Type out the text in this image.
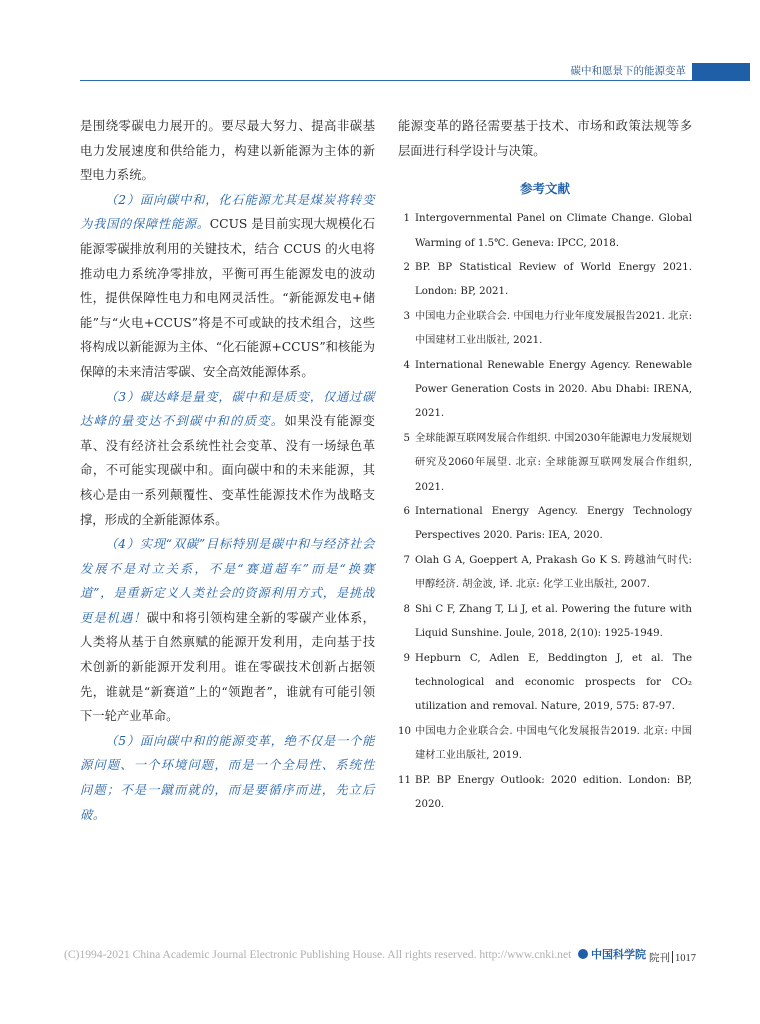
碳中和愿景下的能源变革

是围绕零碳电力展开的。要尽最大努力、提高非碳基电力发展速度和供给能力，构建以新能源为主体的新型电力系统。

（2）面向碳中和，化石能源尤其是煤炭将转变为我国的保障性能源。CCUS 是目前实现大规模化石能源零碳排放利用的关键技术，结合 CCUS 的火电将推动电力系统净零排放，平衡可再生能源发电的波动性，提供保障性电力和电网灵活性。“新能源发电+储能”与“火电+CCUS”将是不可或缺的技术组合，这些将构成以新能源为主体、“化石能源+CCUS”和核能为保障的未来清洁零碳、安全高效能源体系。

（3）碳达峰是量变，碳中和是质变，仅通过碳达峰的量变达不到碳中和的质变。如果没有能源变革、没有经济社会系统性社会变革、没有一场绿色革命，不可能实现碳中和。面向碳中和的未来能源，其核心是由一系列颠覆性、变革性能源技术作为战略支撑，形成的全新能源体系。

（4）实现“双碳”目标特别是碳中和与经济社会发展不是对立关系，不是“赛道超车”而是“换赛道”，是重新定义人类社会的资源利用方式，是挑战更是机遇！碳中和将引领构建全新的零碳产业体系，人类将从基于自然禀赋的能源开发利用，走向基于技术创新的新能源开发利用。谁在零碳技术创新占据领先，谁就是“新赛道”上的“领跑者”，谁就有可能引领下一轮产业革命。

（5）面向碳中和的能源变革，绝不仅是一个能源问题、一个环境问题，而是一个全局性、系统性问题；不是一蹴而就的，而是要循序而进，先立后破。

能源变革的路径需要基于技术、市场和政策法规等多层面进行科学设计与决策。

参考文献
1 Intergovernmental Panel on Climate Change. Global Warming of 1.5℃. Geneva: IPCC, 2018.
2 BP. BP Statistical Review of World Energy 2021. London: BP, 2021.
3 中国电力企业联合会. 中国电力行业年度发展报告2021. 北京: 中国建材工业出版社, 2021.
4 International Renewable Energy Agency. Renewable Power Generation Costs in 2020. Abu Dhabi: IRENA, 2021.
5 全球能源互联网发展合作组织. 中国2030年能源电力发展规划研究及2060年展望. 北京: 全球能源互联网发展合作组织, 2021.
6 International Energy Agency. Energy Technology Perspectives 2020. Paris: IEA, 2020.
7 Olah G A, Goeppert A, Prakash Go K S. 跨越油气时代: 甲醇经济. 胡金波, 译. 北京: 化学工业出版社, 2007.
8 Shi C F, Zhang T, Li J, et al. Powering the future with Liquid Sunshine. Joule, 2018, 2(10): 1925-1949.
9 Hepburn C, Adlen E, Beddington J, et al. The technological and economic prospects for CO₂ utilization and removal. Nature, 2019, 575: 87-97.
10 中国电力企业联合会. 中国电气化发展报告2019. 北京: 中国建材工业出版社, 2019.
11 BP. BP Energy Outlook: 2020 edition. London: BP, 2020.
(C)1994-2021 China Academic Journal Electronic Publishing House. All rights reserved. http://www.cnki.net	中国科学院 院刊 1017
